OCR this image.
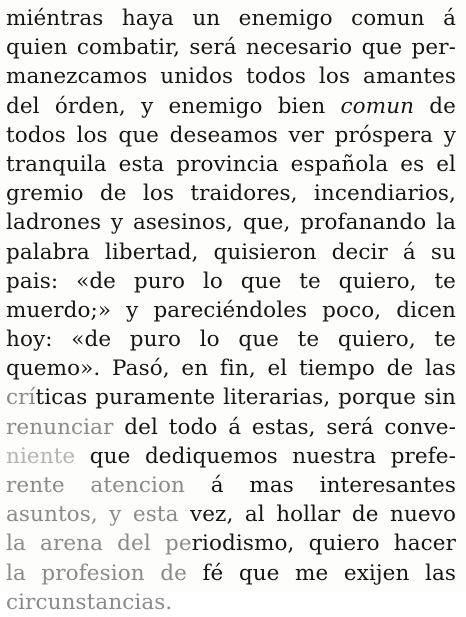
miéntras haya un enemigo comun á
quien combatir, será necesario que per-
manezcamos unidos todos los amantes
del órden, y enemigo bien comun de
todos los que deseamos ver próspera y
tranquila esta provincia española es el
gremio de los traidores, incendiarios,
ladrones y asesinos, que, profanando la
palabra libertad, quisieron decir á su
pais: «de puro lo que te quiero, te
muerdo;» y pareciéndoles poco, dicen
hoy: «de puro lo que te quiero, te
quemo». Pasó, en fin, el tiempo de las
críticas puramente literarias, porque sin
renunciar del todo á estas, será conve-
niente que dediquemos nuestra prefe-
rente atencion á mas interesantes
asuntos, y esta vez, al hollar de nuevo
la arena del periodismo, quiero hacer
la profesion de fé que me exijen las
circunstancias.
